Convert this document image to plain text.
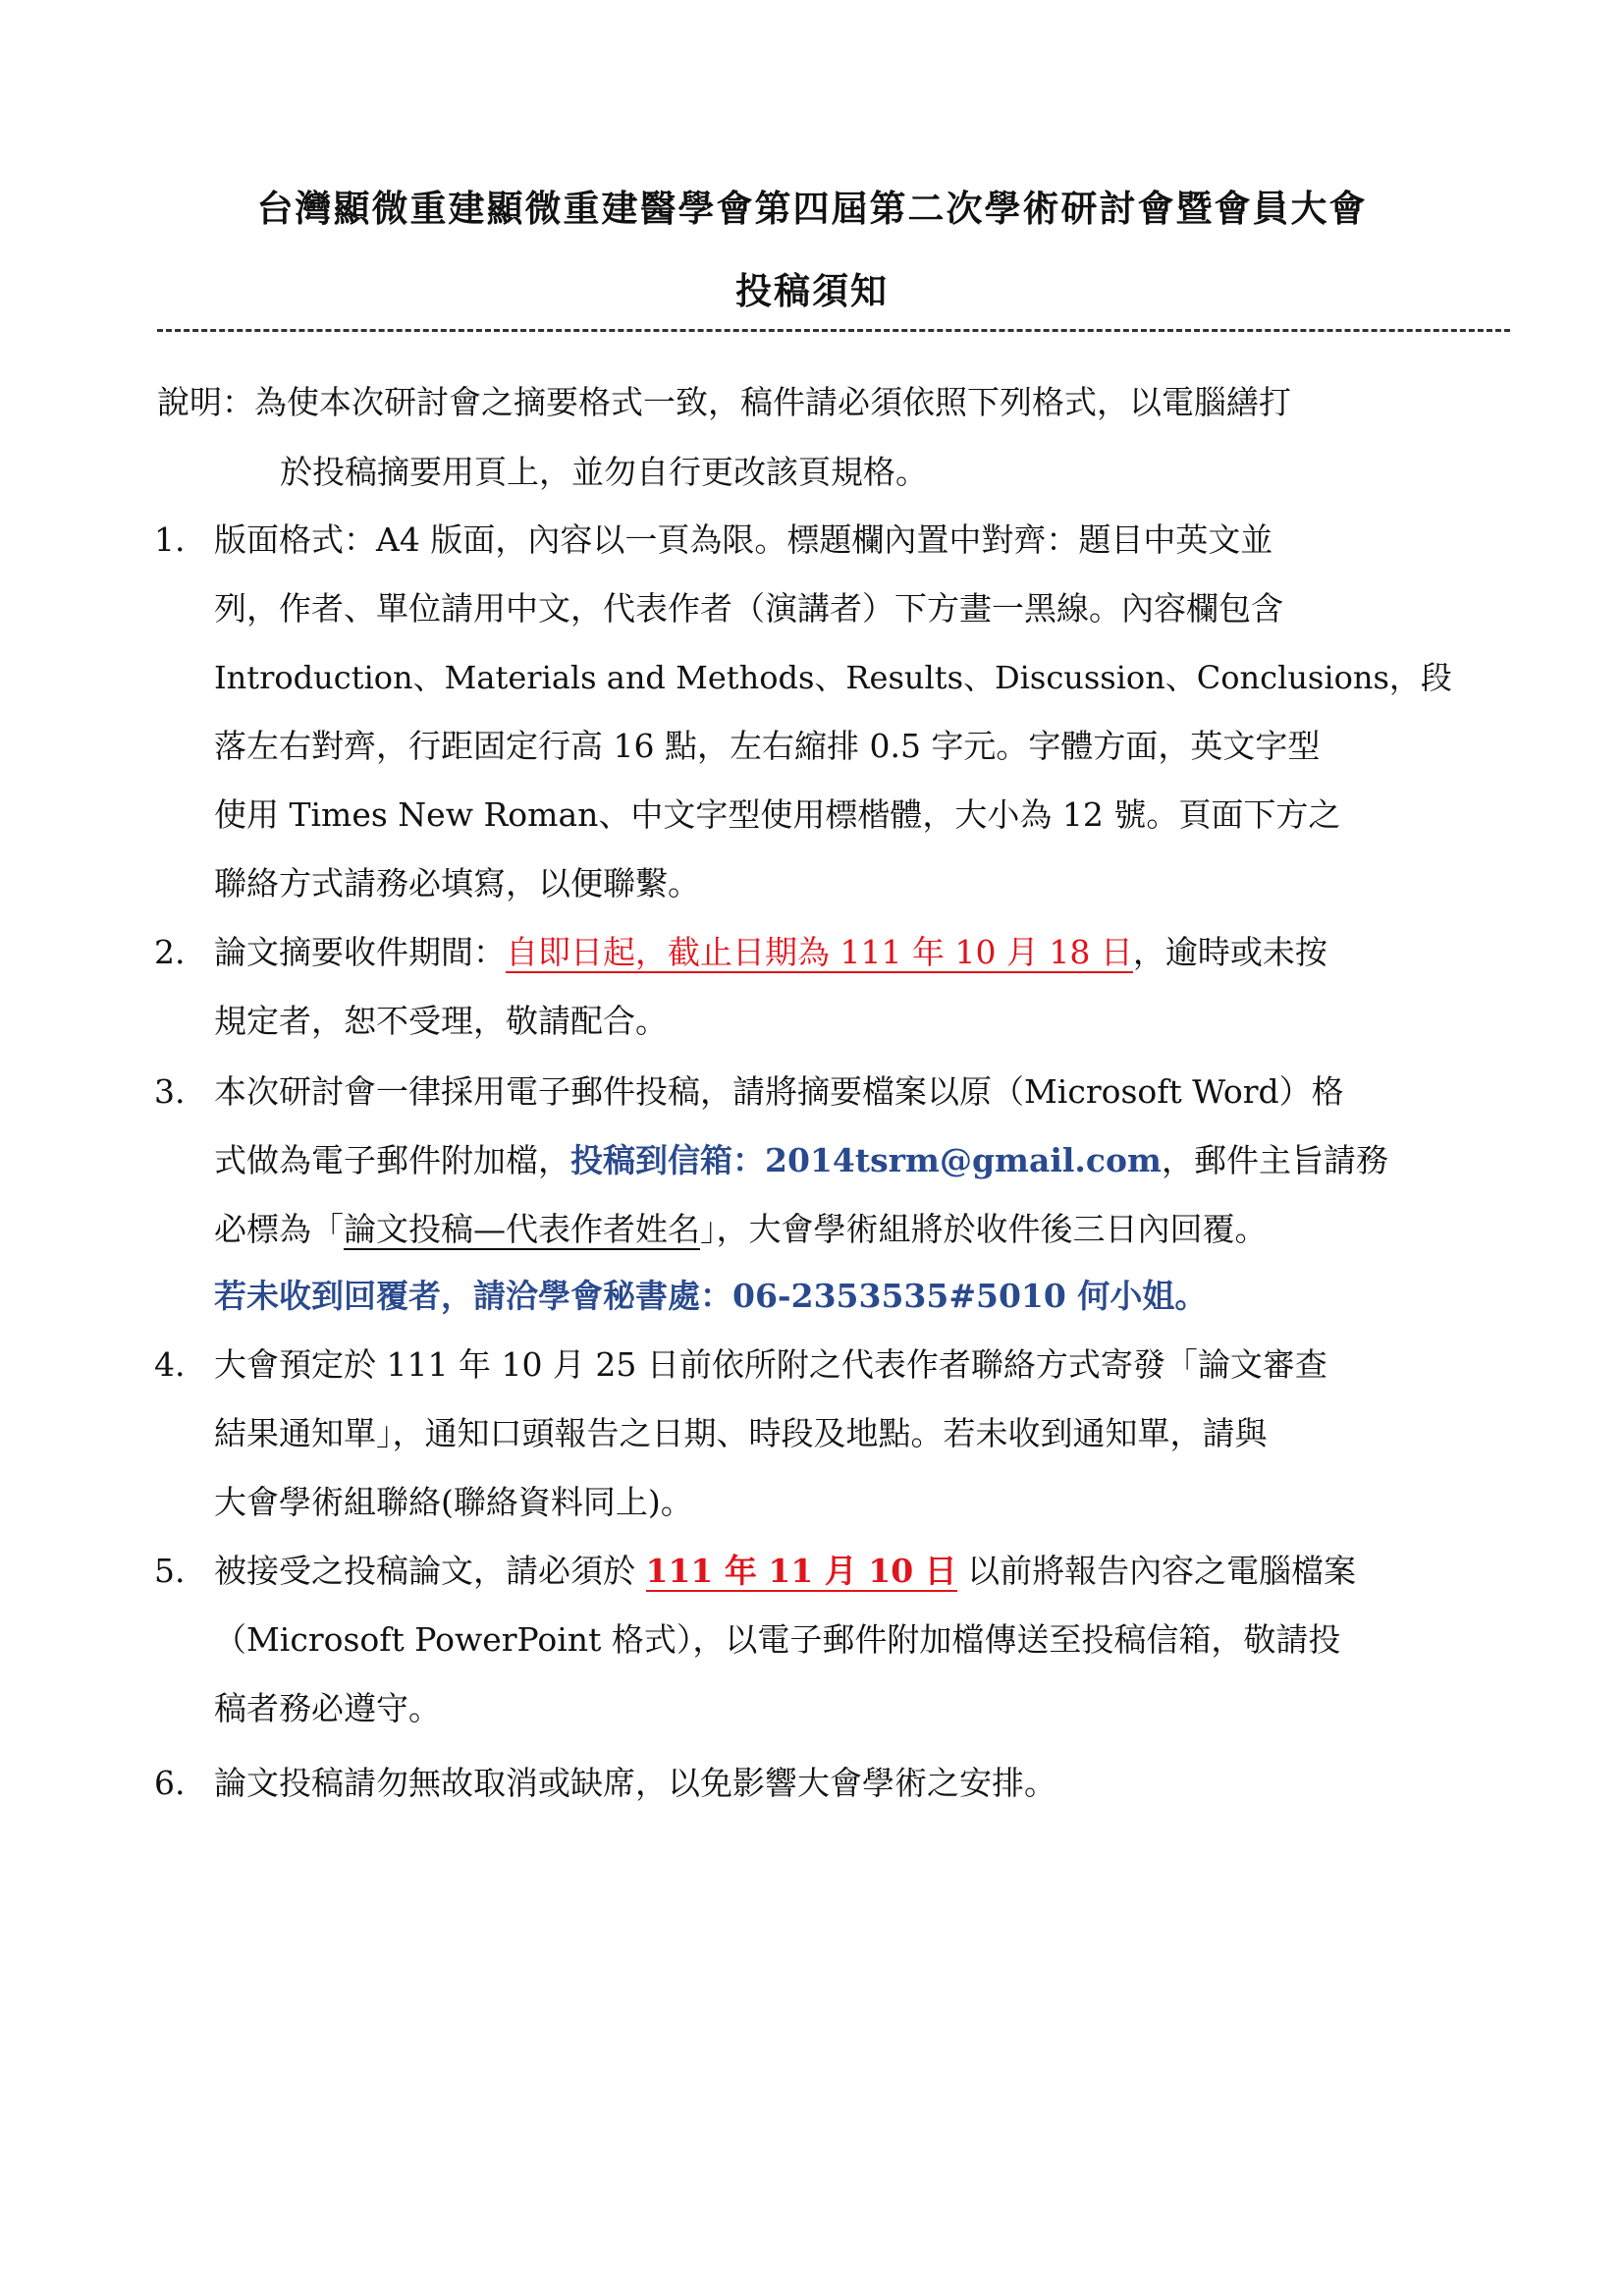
台灣顯微重建顯微重建醫學會第四屆第二次學術研討會暨會員大會
投稿須知
說明：為使本次研討會之摘要格式一致，稿件請必須依照下列格式，以電腦繕打
於投稿摘要用頁上，並勿自行更改該頁規格。
1. 版面格式：A4 版面，內容以一頁為限。標題欄內置中對齊：題目中英文並
列，作者、單位請用中文，代表作者（演講者）下方畫一黑線。內容欄包含
Introduction、Materials and Methods、Results、Discussion、Conclusions，段
落左右對齊，行距固定行高 16 點，左右縮排 0.5 字元。字體方面，英文字型
使用 Times New Roman、中文字型使用標楷體，大小為 12 號。頁面下方之
聯絡方式請務必填寫，以便聯繫。
2. 論文摘要收件期間：自即日起，截止日期為 111 年 10 月 18 日，逾時或未按
規定者，恕不受理，敬請配合。
3. 本次研討會一律採用電子郵件投稿，請將摘要檔案以原（Microsoft Word）格
式做為電子郵件附加檔，投稿到信箱：2014tsrm@gmail.com，郵件主旨請務
必標為「論文投稿—代表作者姓名」，大會學術組將於收件後三日內回覆。
若未收到回覆者，請洽學會秘書處：06-2353535#5010 何小姐。
4. 大會預定於 111 年 10 月 25 日前依所附之代表作者聯絡方式寄發「論文審查
結果通知單」，通知口頭報告之日期、時段及地點。若未收到通知單，請與
大會學術組聯絡(聯絡資料同上)。
5. 被接受之投稿論文，請必須於 111 年 11 月 10 日 以前將報告內容之電腦檔案
（Microsoft PowerPoint 格式），以電子郵件附加檔傳送至投稿信箱，敬請投
稿者務必遵守。
6. 論文投稿請勿無故取消或缺席，以免影響大會學術之安排。
